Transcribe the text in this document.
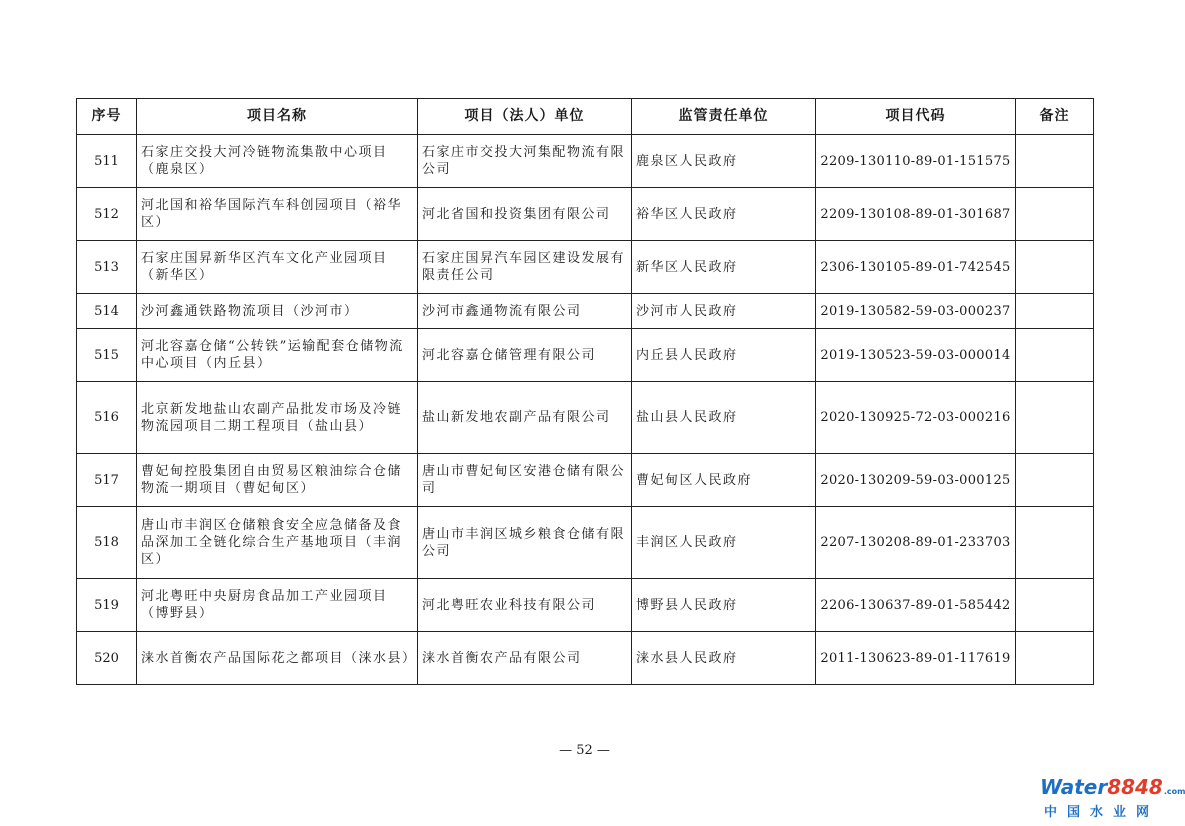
序号	项目名称	项目（法人）单位	监管责任单位	项目代码	备注
511	石家庄交投大河冷链物流集散中心项目（鹿泉区）	石家庄市交投大河集配物流有限公司	鹿泉区人民政府	2209-130110-89-01-151575	
512	河北国和裕华国际汽车科创园项目（裕华区）	河北省国和投资集团有限公司	裕华区人民政府	2209-130108-89-01-301687	
513	石家庄国昇新华区汽车文化产业园项目（新华区）	石家庄国昇汽车园区建设发展有限责任公司	新华区人民政府	2306-130105-89-01-742545	
514	沙河鑫通铁路物流项目（沙河市）	沙河市鑫通物流有限公司	沙河市人民政府	2019-130582-59-03-000237	
515	河北容嘉仓储“公转铁”运输配套仓储物流中心项目（内丘县）	河北容嘉仓储管理有限公司	内丘县人民政府	2019-130523-59-03-000014	
516	北京新发地盐山农副产品批发市场及冷链物流园项目二期工程项目（盐山县）	盐山新发地农副产品有限公司	盐山县人民政府	2020-130925-72-03-000216	
517	曹妃甸控股集团自由贸易区粮油综合仓储物流一期项目（曹妃甸区）	唐山市曹妃甸区安港仓储有限公司	曹妃甸区人民政府	2020-130209-59-03-000125	
518	唐山市丰润区仓储粮食安全应急储备及食品深加工全链化综合生产基地项目（丰润区）	唐山市丰润区城乡粮食仓储有限公司	丰润区人民政府	2207-130208-89-01-233703	
519	河北粤旺中央厨房食品加工产业园项目（博野县）	河北粤旺农业科技有限公司	博野县人民政府	2206-130637-89-01-585442	
520	涞水首衡农产品国际花之都项目（涞水县）	涞水首衡农产品有限公司	涞水县人民政府	2011-130623-89-01-117619	
— 52 —
Water8848.com
中国水业网
